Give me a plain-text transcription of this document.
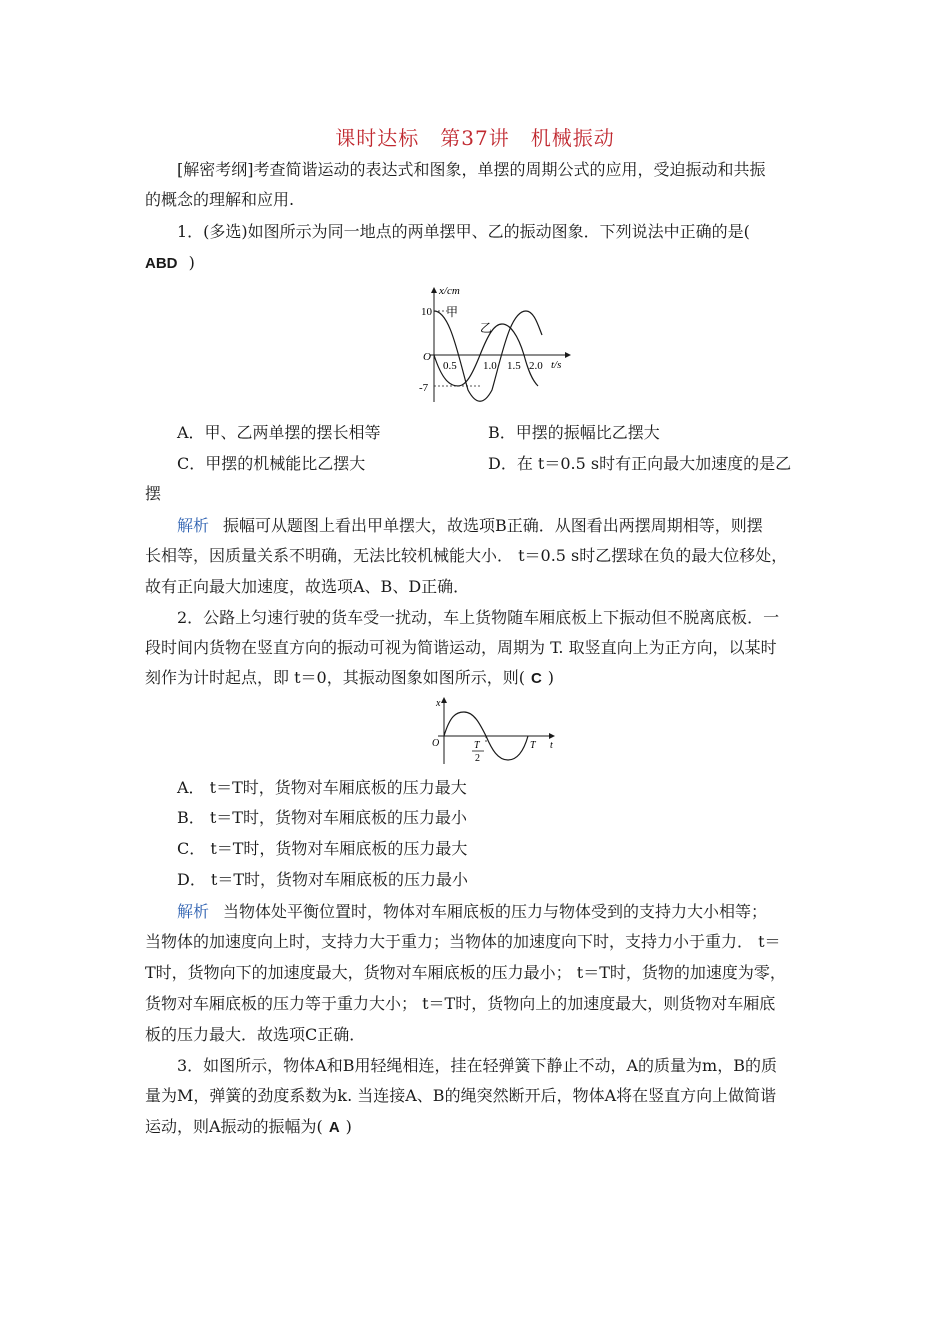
课时达标　第37讲　机械振动
[解密考纲]考查简谐运动的表达式和图象，单摆的周期公式的应用，受迫振动和共振
的概念的理解和应用.
1．(多选)如图所示为同一地点的两单摆甲、乙的振动图象．下列说法中正确的是(
ABD )
x/cm
t/s
O
10
-7
0.5 1.0 1.5 2.0
甲
乙
A．甲、乙两单摆的摆长相等	B．甲摆的振幅比乙摆大
C．甲摆的机械能比乙摆大	D．在 t＝0.5 s时有正向最大加速度的是乙
摆
解析 振幅可从题图上看出甲单摆大，故选项B正确．从图看出两摆周期相等，则摆
长相等，因质量关系不明确，无法比较机械能大小． t＝0.5 s时乙摆球在负的最大位移处，
故有正向最大加速度，故选项A、B、D正确．
2．公路上匀速行驶的货车受一扰动，车上货物随车厢底板上下振动但不脱离底板．一
段时间内货物在竖直方向的振动可视为简谐运动，周期为 T. 取竖直向上为正方向，以某时
刻作为计时起点，即 t＝0，其振动图象如图所示，则( C )
x
t
O	T
2
T
A． t＝T时，货物对车厢底板的压力最大
B． t＝T时，货物对车厢底板的压力最小
C． t＝T时，货物对车厢底板的压力最大
D． t＝T时，货物对车厢底板的压力最小
解析 当物体处平衡位置时，物体对车厢底板的压力与物体受到的支持力大小相等；
当物体的加速度向上时，支持力大于重力；当物体的加速度向下时，支持力小于重力． t＝
T时，货物向下的加速度最大，货物对车厢底板的压力最小； t＝T时，货物的加速度为零，
货物对车厢底板的压力等于重力大小； t＝T时，货物向上的加速度最大，则货物对车厢底
板的压力最大．故选项C正确．
3．如图所示，物体A和B用轻绳相连，挂在轻弹簧下静止不动，A的质量为m，B的质
量为M，弹簧的劲度系数为k. 当连接A、B的绳突然断开后，物体A将在竖直方向上做简谐
运动，则A振动的振幅为( A )
